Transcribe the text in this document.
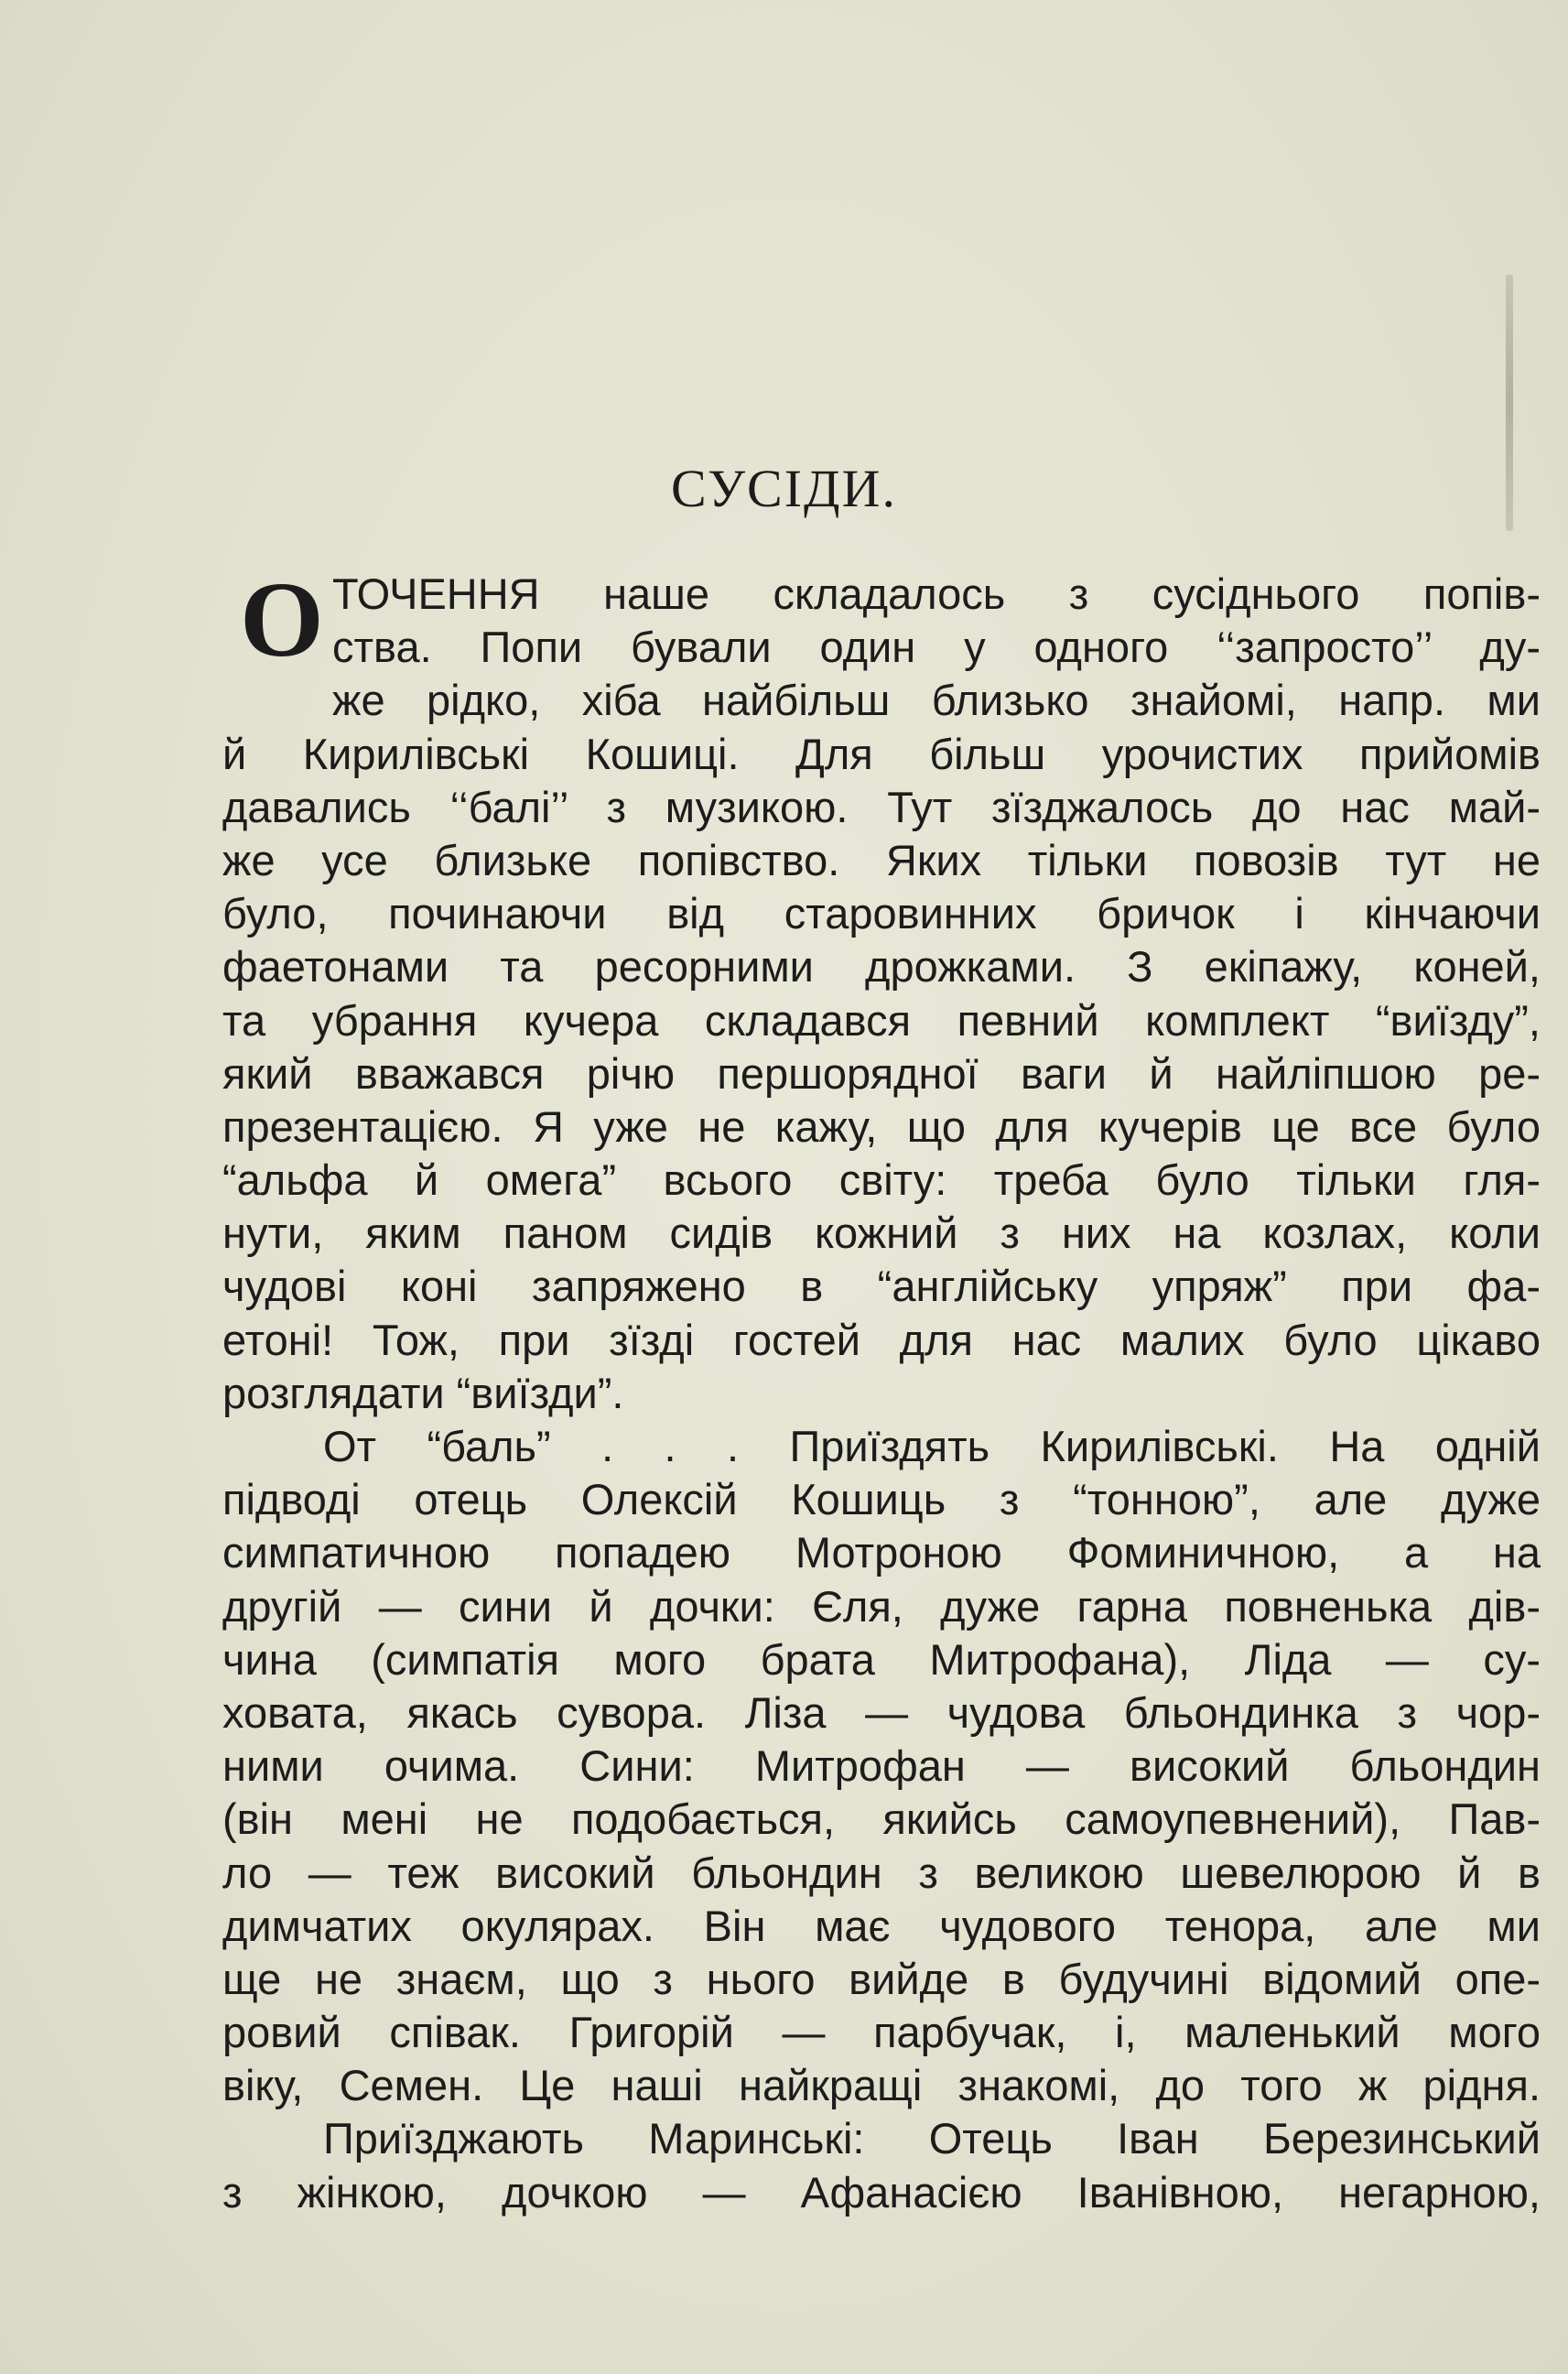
СУСІДИ.
О ТОЧЕННЯ наше складалось з сусіднього попів-
ства. Попи бували один у одного ‘‘запросто’’ ду-
же рідко, хіба найбільш близько знайомі, напр. ми
й Кирилівські Кошиці. Для більш урочистих прийомів
давались ‘‘балі’’ з музикою. Тут зїзджалось до нас май-
же усе близьке попівство. Яких тільки повозів тут не
було, починаючи від старовинних бричок і кінчаючи
фаетонами та ресорними дрожками. З екіпажу, коней,
та убрання кучера складався певний комплект “виїзду”,
який вважався річю першорядної ваги й найліпшою ре-
презентацією. Я уже не кажу, що для кучерів це все було
“альфа й омега” всього світу: треба було тільки гля-
нути, яким паном сидів кожний з них на козлах, коли
чудові коні запряжено в “англійську упряж” при фа-
етоні! Тож, при зїзді гостей для нас малих було цікаво
розглядати “виїзди”.
От “баль” . . . Приїздять Кирилівські. На одній
підводі отець Олексій Кошиць з “тонною”, але дуже
симпатичною попадею Мотроною Фоминичною, а на
другій — сини й дочки: Єля, дуже гарна повненька дів-
чина (симпатія мого брата Митрофана), Ліда — су-
ховата, якась сувора. Ліза — чудова бльондинка з чор-
ними очима. Сини: Митрофан — високий бльондин
(він мені не подобається, якийсь самоупевнений), Пав-
ло — теж високий бльондин з великою шевелюрою й в
димчатих окулярах. Він має чудового тенора, але ми
ще не знаєм, що з нього вийде в будучині відомий опе-
ровий співак. Григорій — парбучак, і, маленький мого
віку, Семен. Це наші найкращі знакомі, до того ж рідня.
Приїзджають Маринські: Отець Іван Березинський
з жінкою, дочкою — Афанасією Іванівною, негарною,
